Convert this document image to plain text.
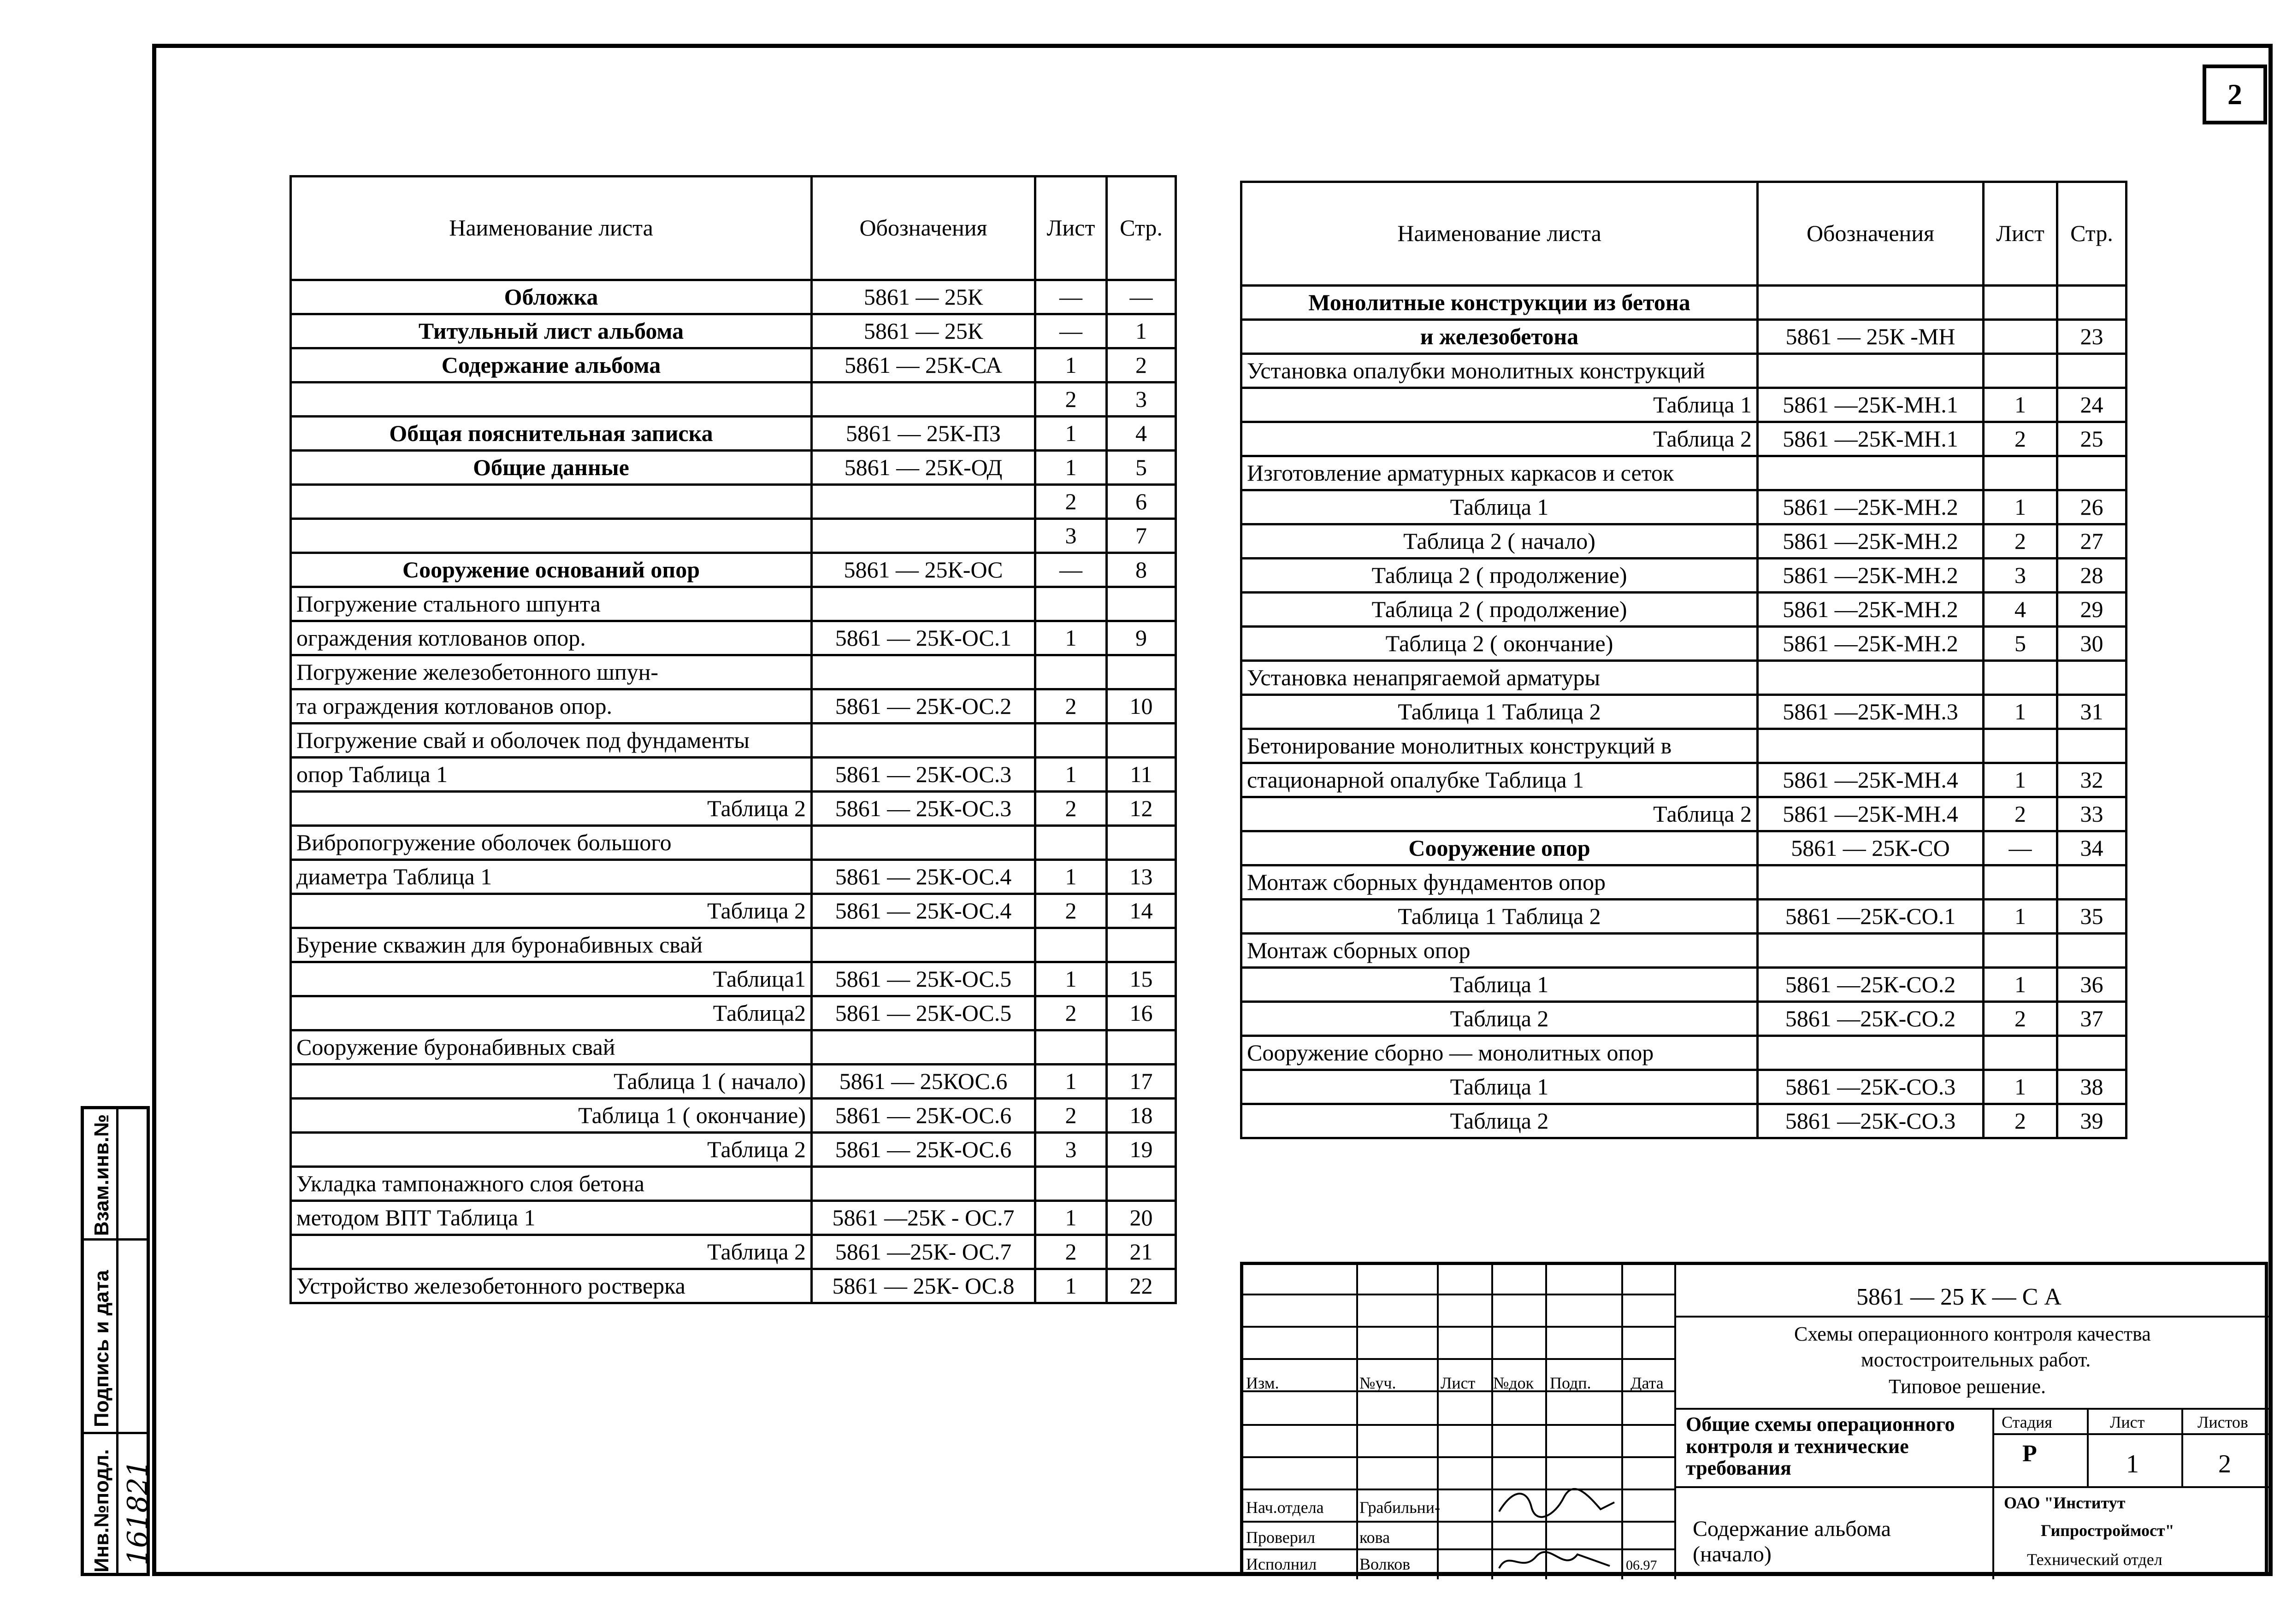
2
Наименование листа	Обозначения	Лист	Стр.
Обложка	5861 — 25К	—	—
Титульный лист альбома	5861 — 25К	—	1
Содержание альбома	5861 — 25К-СА	1	2
		2	3
Общая пояснительная записка	5861 — 25К-ПЗ	1	4
Общие данные	5861 — 25К-ОД	1	5
		2	6
		3	7
Сооружение оснований опор	5861 — 25К-ОС	—	8
Погружение стального шпунта			
ограждения котлованов опор.	5861 — 25К-ОС.1	1	9
Погружение железобетонного шпун-			
та ограждения котлованов опор.	5861 — 25К-ОС.2	2	10
Погружение свай и оболочек под фундаменты			
опор Таблица 1	5861 — 25К-ОС.3	1	11
Таблица 2	5861 — 25К-ОС.3	2	12
Вибропогружение оболочек большого			
диаметра Таблица 1	5861 — 25К-ОС.4	1	13
Таблица 2	5861 — 25К-ОС.4	2	14
Бурение скважин для буронабивных свай			
Таблица1	5861 — 25К-ОС.5	1	15
Таблица2	5861 — 25К-ОС.5	2	16
Сооружение буронабивных свай			
Таблица 1 ( начало)	5861 — 25КОС.6	1	17
Таблица 1 ( окончание)	5861 — 25К-ОС.6	2	18
Таблица 2	5861 — 25К-ОС.6	3	19
Укладка тампонажного слоя бетона			
методом ВПТ Таблица 1	5861 —25К - ОС.7	1	20
Таблица 2	5861 —25К- ОС.7	2	21
Устройство железобетонного ростверка	5861 — 25К- ОС.8	1	22
Наименование листа	Обозначения	Лист	Стр.
Монолитные конструкции из бетона			
и железобетона	5861 — 25К -МН		23
Установка опалубки монолитных конструкций			
Таблица 1	5861 —25К-МН.1	1	24
Таблица 2	5861 —25К-МН.1	2	25
Изготовление арматурных каркасов и сеток			
Таблица 1	5861 —25К-МН.2	1	26
Таблица 2 ( начало)	5861 —25К-МН.2	2	27
Таблица 2 ( продолжение)	5861 —25К-МН.2	3	28
Таблица 2 ( продолжение)	5861 —25К-МН.2	4	29
Таблица 2 ( окончание)	5861 —25К-МН.2	5	30
Установка ненапрягаемой арматуры			
Таблица 1 Таблица 2	5861 —25К-МН.3	1	31
Бетонирование монолитных конструкций в			
стационарной опалубке Таблица 1	5861 —25К-МН.4	1	32
Таблица 2	5861 —25К-МН.4	2	33
Сооружение опор	5861 — 25К-СО	—	34
Монтаж сборных фундаментов опор			
Таблица 1 Таблица 2	5861 —25К-СО.1	1	35
Монтаж сборных опор			
Таблица 1	5861 —25К-СО.2	1	36
Таблица 2	5861 —25К-СО.2	2	37
Сооружение сборно — монолитных опор			
Таблица 1	5861 —25К-СО.3	1	38
Таблица 2	5861 —25К-СО.3	2	39
Взам.инв.№
Подпись и дата
Инв.№подл. 161821
Изм.	№уч.	Лист №док Подп. Дата
Нач.отдела Грабильни-
Проверил	кова
Исполнил	Волков	06.97
5861 — 25 К — С А
Схемы операционного контроля качества
мостостроительных работ.
Типовое решение.
Общие схемы операционного контроля и технические требования
Стадия	Лист	Листов
Р	1	2
Содержание альбома (начало)
ОАО "Институт
Гипростроймост"
Технический отдел
